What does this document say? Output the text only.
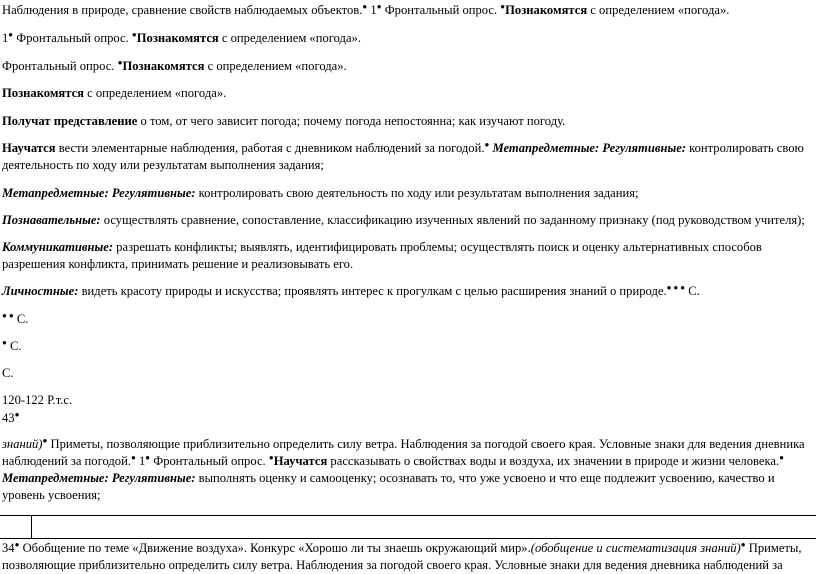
Наблюдения в природе, сравнение свойств наблюдаемых объектов.● 1● Фронтальный опрос. ●Познакомятся с определением «погода».
1● Фронтальный опрос. ●Познакомятся с определением «погода».
Фронтальный опрос. ●Познакомятся с определением «погода».
Познакомятся с определением «погода».
Получат представление о том, от чего зависит погода; почему погода непостоянна; как изучают погоду.
Научатся вести элементарные наблюдения, работая с дневником наблюдений за погодой.● Метапредметные: Регулятивные: контролировать свою деятельность по ходу или результатам выполнения задания;
Метапредметные: Регулятивные: контролировать свою деятельность по ходу или результатам выполнения задания;
Познавательные: осуществлять сравнение, сопоставление, классификацию изученных явлений по заданному признаку (под руководством учителя);
Коммуникативные: разрешать конфликты; выявлять, идентифицировать проблемы; осуществлять поиск и оценку альтернативных способов разрешения конфликта, принимать решение и реализовывать его.
Личностные: видеть красоту природы и искусства; проявлять интерес к прогулкам с целью расширения знаний о природе.● ● ● С.
● ● С.
● С.
С.
120-122 Р.т.с.
43●
знаний)● Приметы, позволяющие приблизительно определить силу ветра. Наблюдения за погодой своего края. Условные знаки для ведения дневника наблюдений за погодой.● 1● Фронтальный опрос. ●Научатся рассказывать о свойствах воды и воздуха, их значении в природе и жизни человека.● Метапредметные: Регулятивные: выполнять оценку и самооценку; осознавать то, что уже усвоено и что еще подлежит усвоению, качество и уровень усвоения;
34● Обобщение по теме «Движение воздуха». Конкурс «Хорошо ли ты знаешь окружающий мир».(обобщение и систематизация знаний)● Приметы, позволяющие приблизительно определить силу ветра. Наблюдения за погодой своего края. Условные знаки для ведения дневника наблюдений за
